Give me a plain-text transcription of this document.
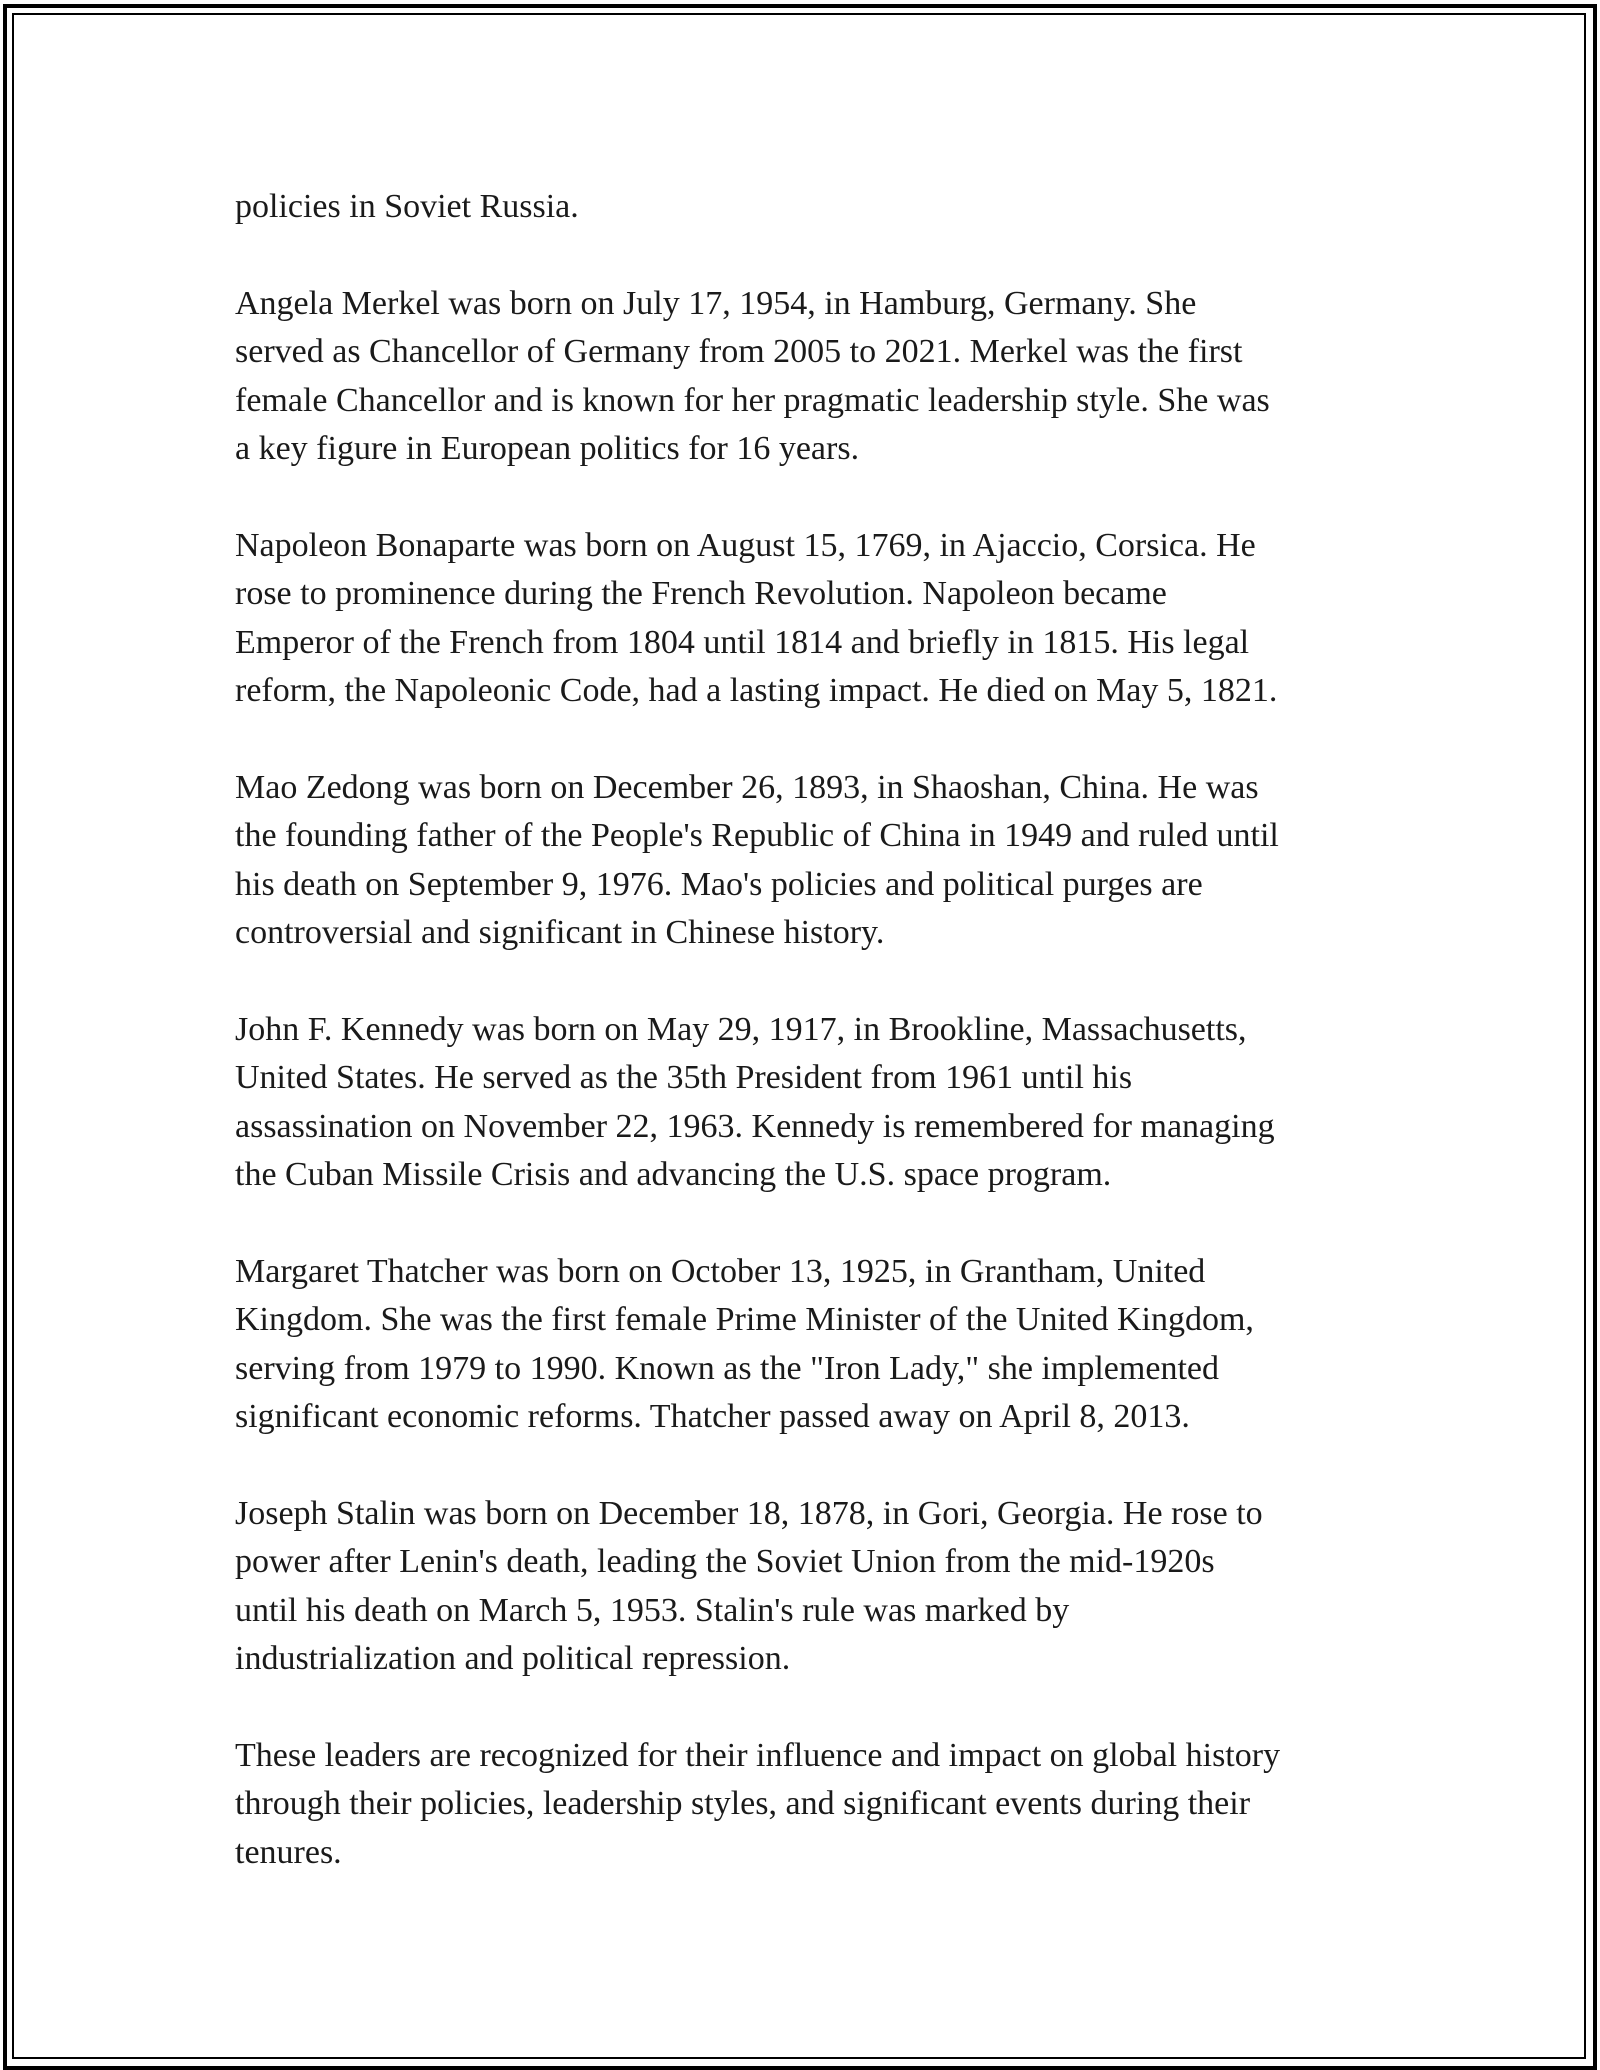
policies in Soviet Russia.

Angela Merkel was born on July 17, 1954, in Hamburg, Germany. She
served as Chancellor of Germany from 2005 to 2021. Merkel was the first
female Chancellor and is known for her pragmatic leadership style. She was
a key figure in European politics for 16 years.

Napoleon Bonaparte was born on August 15, 1769, in Ajaccio, Corsica. He
rose to prominence during the French Revolution. Napoleon became
Emperor of the French from 1804 until 1814 and briefly in 1815. His legal
reform, the Napoleonic Code, had a lasting impact. He died on May 5, 1821.

Mao Zedong was born on December 26, 1893, in Shaoshan, China. He was
the founding father of the People's Republic of China in 1949 and ruled until
his death on September 9, 1976. Mao's policies and political purges are
controversial and significant in Chinese history.

John F. Kennedy was born on May 29, 1917, in Brookline, Massachusetts,
United States. He served as the 35th President from 1961 until his
assassination on November 22, 1963. Kennedy is remembered for managing
the Cuban Missile Crisis and advancing the U.S. space program.

Margaret Thatcher was born on October 13, 1925, in Grantham, United
Kingdom. She was the first female Prime Minister of the United Kingdom,
serving from 1979 to 1990. Known as the "Iron Lady," she implemented
significant economic reforms. Thatcher passed away on April 8, 2013.

Joseph Stalin was born on December 18, 1878, in Gori, Georgia. He rose to
power after Lenin's death, leading the Soviet Union from the mid-1920s
until his death on March 5, 1953. Stalin's rule was marked by
industrialization and political repression.

These leaders are recognized for their influence and impact on global history
through their policies, leadership styles, and significant events during their
tenures.
